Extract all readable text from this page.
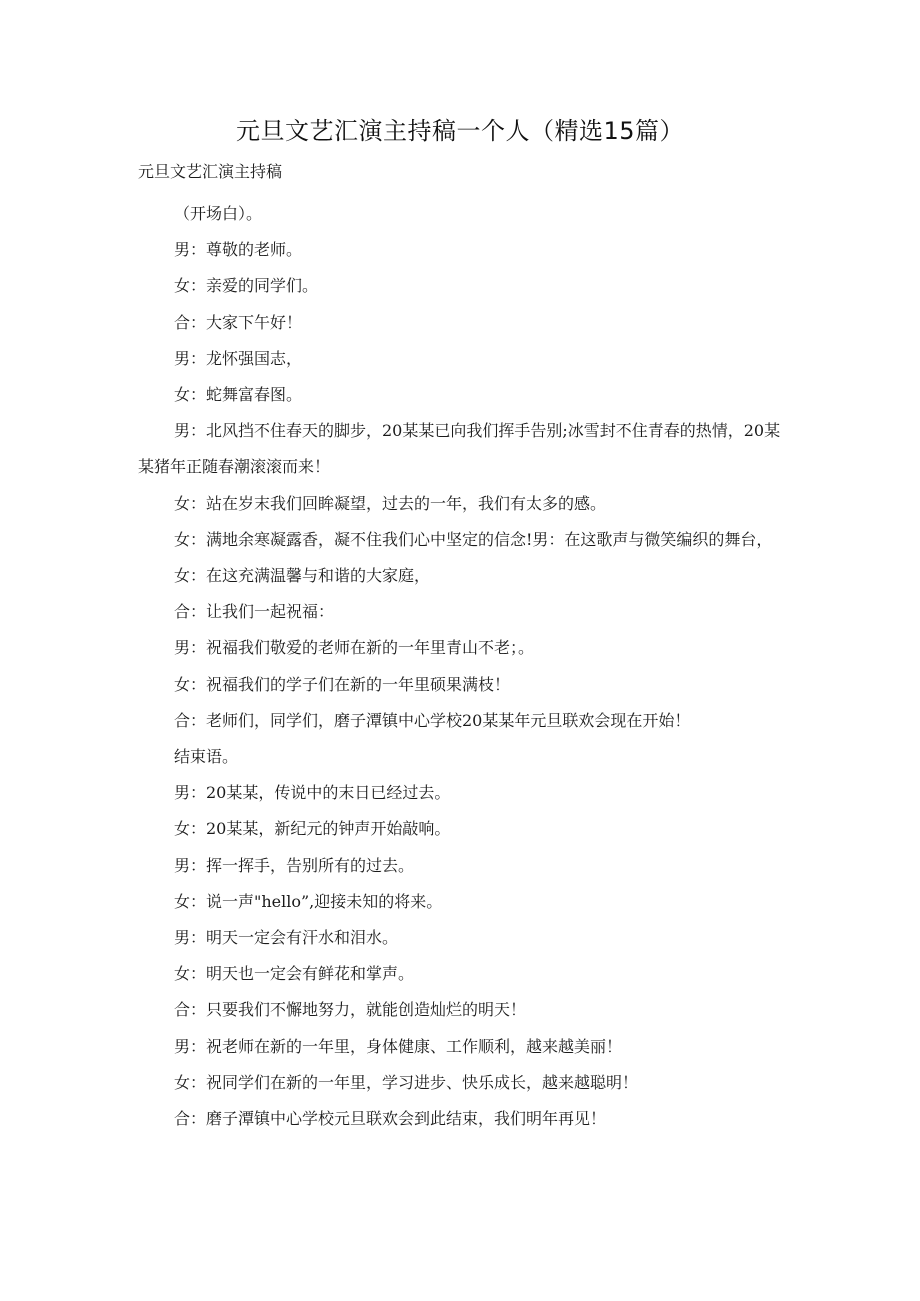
元旦文艺汇演主持稿一个人（精选15篇）

元旦文艺汇演主持稿

（开场白）。

男：尊敬的老师。

女：亲爱的同学们。

合：大家下午好！

男：龙怀强国志，

女：蛇舞富春图。

男：北风挡不住春天的脚步，20某某已向我们挥手告别;冰雪封不住青春的热情，20某某猪年正随春潮滚滚而来！

女：站在岁末我们回眸凝望，过去的一年，我们有太多的感。

女：满地余寒凝露香，凝不住我们心中坚定的信念!男：在这歌声与微笑编织的舞台，

女：在这充满温馨与和谐的大家庭，

合：让我们一起祝福：

男：祝福我们敬爱的老师在新的一年里青山不老；。

女：祝福我们的学子们在新的一年里硕果满枝！

合：老师们，同学们，磨子潭镇中心学校20某某年元旦联欢会现在开始！

结束语。

男：20某某，传说中的末日已经过去。

女：20某某，新纪元的钟声开始敲响。

男：挥一挥手，告别所有的过去。

女：说一声"hello”,迎接未知的将来。

男：明天一定会有汗水和泪水。

女：明天也一定会有鲜花和掌声。

合：只要我们不懈地努力，就能创造灿烂的明天！

男：祝老师在新的一年里，身体健康、工作顺利，越来越美丽！

女：祝同学们在新的一年里，学习进步、快乐成长，越来越聪明！

合：磨子潭镇中心学校元旦联欢会到此结束，我们明年再见！
